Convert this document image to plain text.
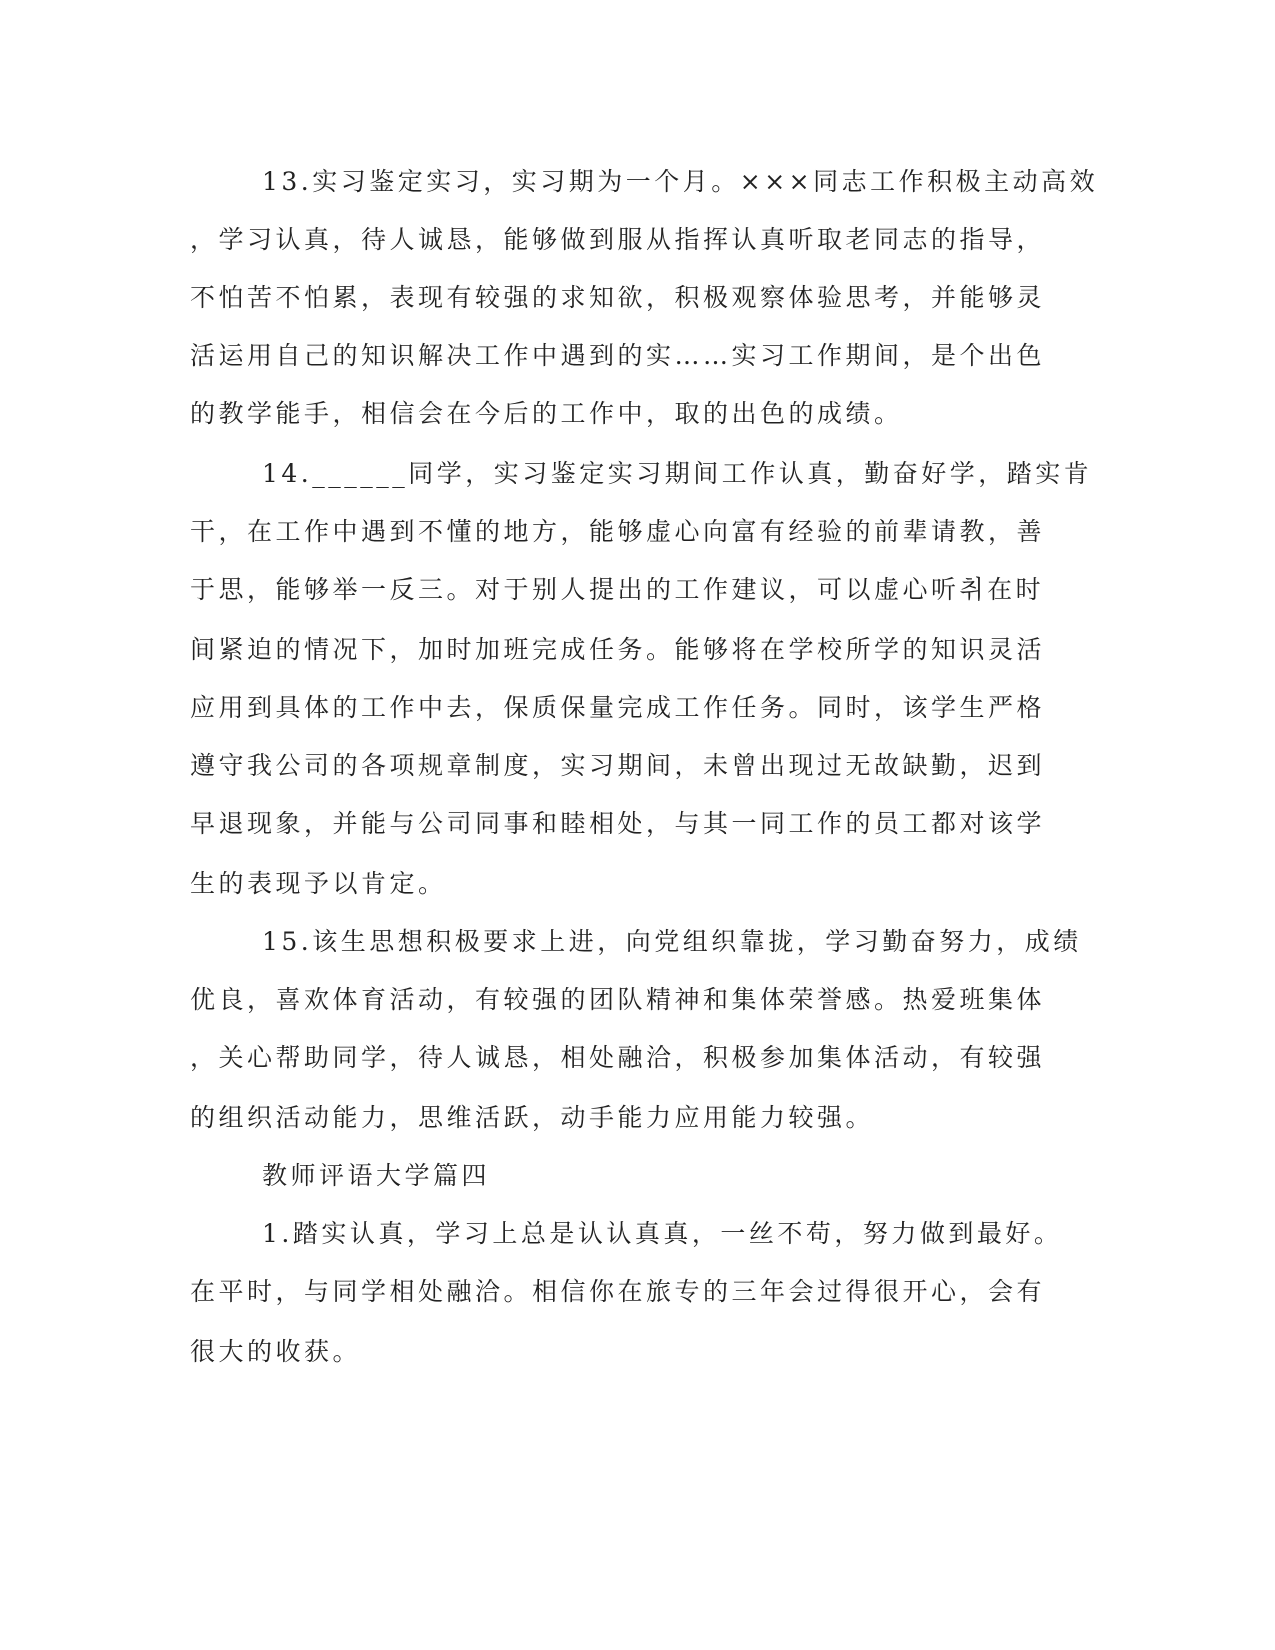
13.实习鉴定实习，实习期为一个月。×××同志工作积极主动高效
，学习认真，待人诚恳，能够做到服从指挥认真听取老同志的指导，
不怕苦不怕累，表现有较强的求知欲，积极观察体验思考，并能够灵
活运用自己的知识解决工作中遇到的实……实习工作期间，是个出色
的教学能手，相信会在今后的工作中，取的出色的成绩。
14.______同学，实习鉴定实习期间工作认真，勤奋好学，踏实肯
干，在工作中遇到不懂的地方，能够虚心向富有经验的前辈请教，善
于思，能够举一反三。对于别人提出的工作建议，可以虚心听취在时
间紧迫的情况下，加时加班完成任务。能够将在学校所学的知识灵活
应用到具体的工作中去，保质保量完成工作任务。同时，该学生严格
遵守我公司的各项规章制度，实习期间，未曾出现过无故缺勤，迟到
早退现象，并能与公司同事和睦相处，与其一同工作的员工都对该学
生的表现予以肯定。
15.该生思想积极要求上进，向党组织靠拢，学习勤奋努力，成绩
优良，喜欢体育活动，有较强的团队精神和集体荣誉感。热爱班集体
，关心帮助同学，待人诚恳，相处融洽，积极参加集体活动，有较强
的组织活动能力，思维活跃，动手能力应用能力较强。
教师评语大学篇四
1.踏实认真，学习上总是认认真真，一丝不苟，努力做到最好。
在平时，与同学相处融洽。相信你在旅专的三年会过得很开心，会有
很大的收获。
